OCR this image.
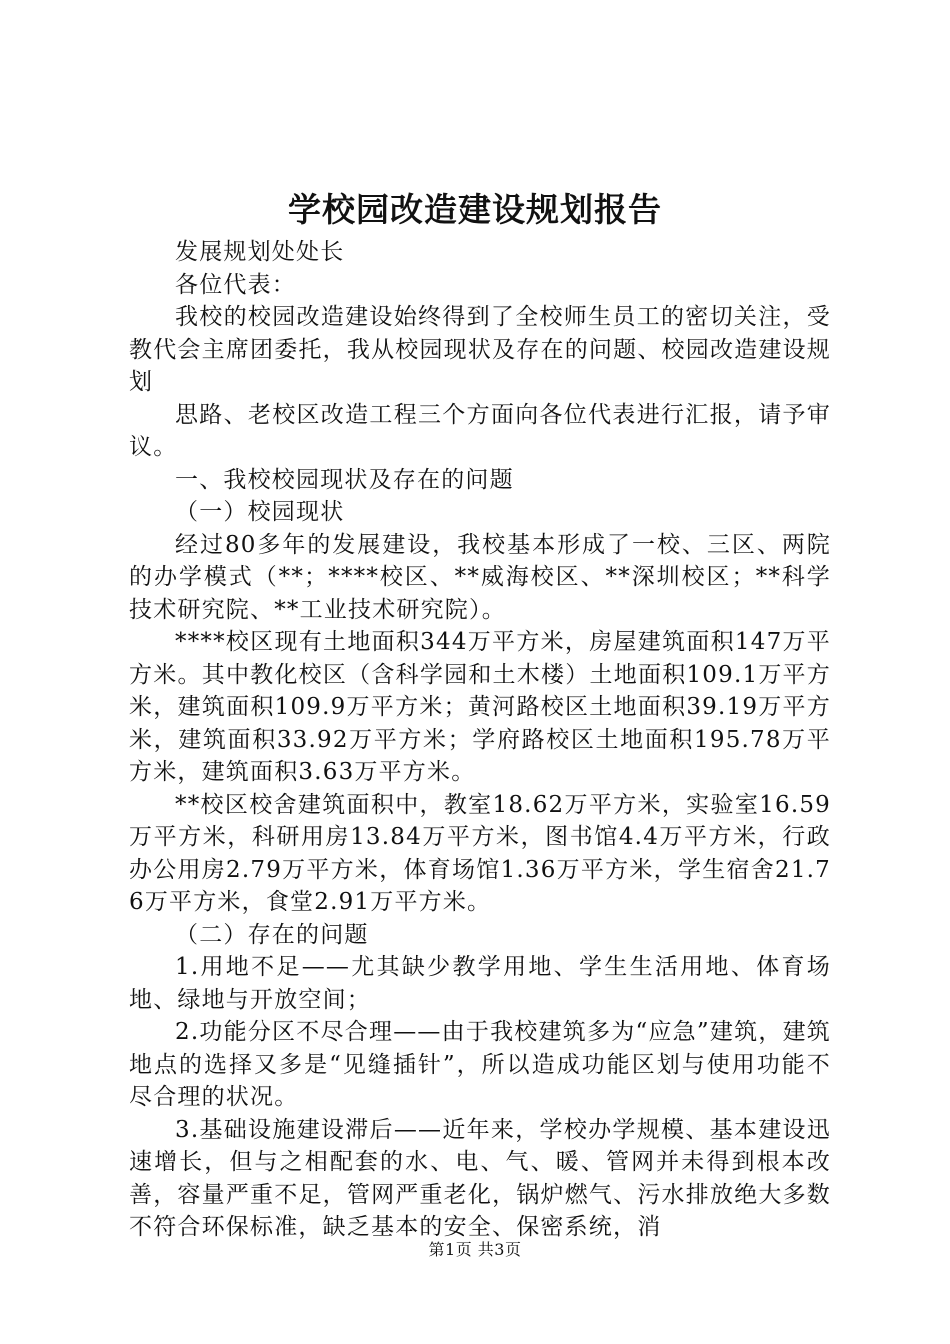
学校园改造建设规划报告

发展规划处处长

各位代表：

我校的校园改造建设始终得到了全校师生员工的密切关注，受教代会主席团委托，我从校园现状及存在的问题、校园改造建设规划

思路、老校区改造工程三个方面向各位代表进行汇报，请予审议。

一、我校校园现状及存在的问题

（一）校园现状

经过80多年的发展建设，我校基本形成了一校、三区、两院的办学模式（**；****校区、**威海校区、**深圳校区；**科学技术研究院、**工业技术研究院）。

****校区现有土地面积344万平方米，房屋建筑面积147万平方米。其中教化校区（含科学园和土木楼）土地面积109.1万平方米，建筑面积109.9万平方米；黄河路校区土地面积39.19万平方米，建筑面积33.92万平方米；学府路校区土地面积195.78万平方米，建筑面积3.63万平方米。

**校区校舍建筑面积中，教室18.62万平方米，实验室16.59万平方米，科研用房13.84万平方米，图书馆4.4万平方米，行政办公用房2.79万平方米，体育场馆1.36万平方米，学生宿舍21.76万平方米，食堂2.91万平方米。

（二）存在的问题

1.用地不足——尤其缺少教学用地、学生生活用地、体育场地、绿地与开放空间；

2.功能分区不尽合理——由于我校建筑多为“应急”建筑，建筑地点的选择又多是“见缝插针”，所以造成功能区划与使用功能不尽合理的状况。

3.基础设施建设滞后——近年来，学校办学规模、基本建设迅速增长，但与之相配套的水、电、气、暖、管网并未得到根本改善，容量严重不足，管网严重老化，锅炉燃气、污水排放绝大多数不符合环保标准，缺乏基本的安全、保密系统，消

第1页 共3页
